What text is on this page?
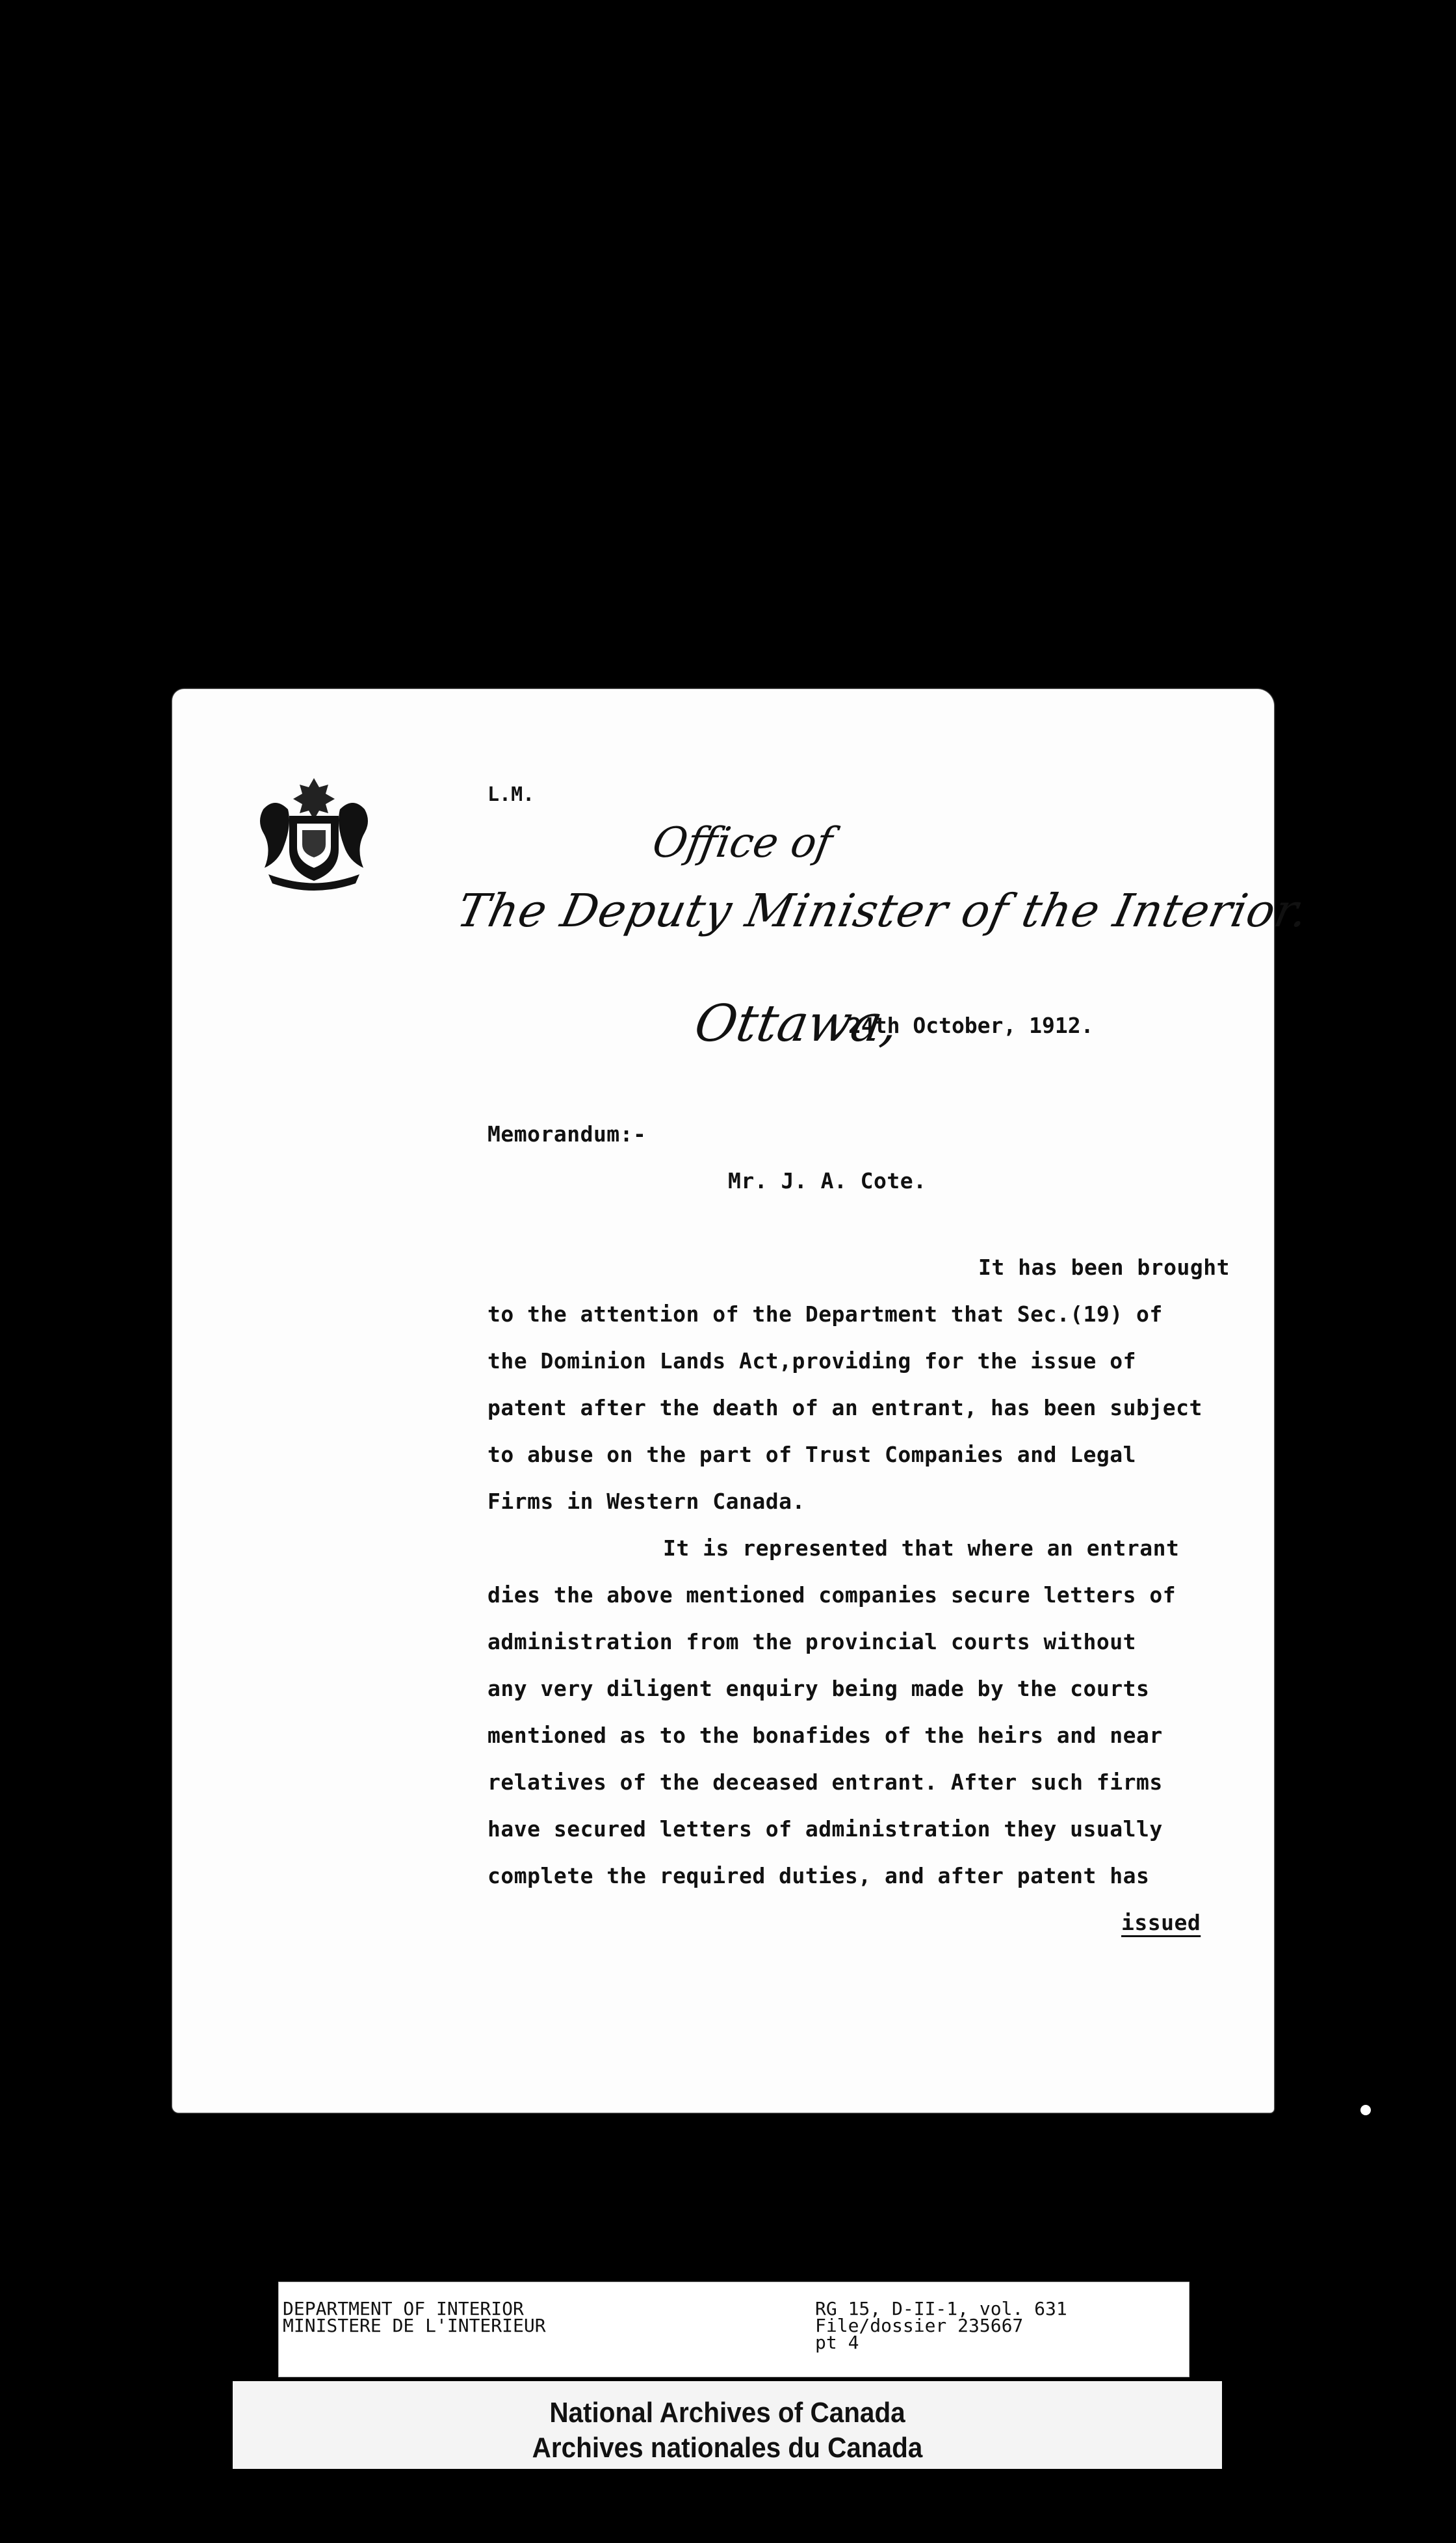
L.M.
Office of
The Deputy Minister of the Interior.
Ottawa,
24th October, 1912.
Memorandum:-
Mr. J. A. Cote.
It has been brought
to the attention of the Department that Sec.(19) of
the Dominion Lands Act,providing for the issue of
patent after the death of an entrant, has been subject
to abuse on the part of Trust Companies and Legal
Firms in Western Canada.
It is represented that where an entrant
dies the above mentioned companies secure letters of
administration from the provincial courts without
any very diligent enquiry being made by the courts
mentioned as to the bonafides of the heirs and near
relatives of the deceased entrant. After such firms
have secured letters of administration they usually
complete the required duties, and after patent has
issued
DEPARTMENT OF INTERIOR
MINISTERE DE L'INTERIEUR
RG 15, D-II-1, vol. 631
File/dossier 235667
pt 4
National Archives of Canada
Archives nationales du Canada
